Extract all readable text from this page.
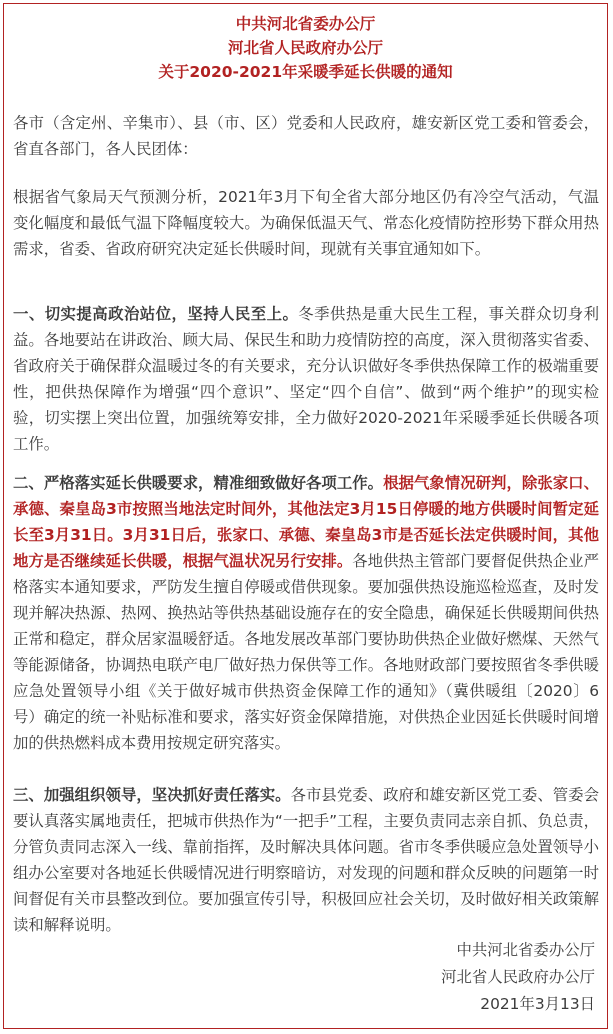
中共河北省委办公厅
河北省人民政府办公厅
关于2020-2021年采暖季延长供暖的通知

各市（含定州、辛集市）、县（市、区）党委和人民政府，雄安新区党工委和管委会，省直各部门，各人民团体：

根据省气象局天气预测分析，2021年3月下旬全省大部分地区仍有冷空气活动，气温变化幅度和最低气温下降幅度较大。为确保低温天气、常态化疫情防控形势下群众用热需求，省委、省政府研究决定延长供暖时间，现就有关事宜通知如下。

一、切实提高政治站位，坚持人民至上。冬季供热是重大民生工程，事关群众切身利益。各地要站在讲政治、顾大局、保民生和助力疫情防控的高度，深入贯彻落实省委、省政府关于确保群众温暖过冬的有关要求，充分认识做好冬季供热保障工作的极端重要性，把供热保障作为增强“四个意识”、坚定“四个自信”、做到“两个维护”的现实检验，切实摆上突出位置，加强统筹安排，全力做好2020-2021年采暖季延长供暖各项工作。

二、严格落实延长供暖要求，精准细致做好各项工作。根据气象情况研判，除张家口、承德、秦皇岛3市按照当地法定时间外，其他法定3月15日停暖的地方供暖时间暂定延长至3月31日。3月31日后，张家口、承德、秦皇岛3市是否延长法定供暖时间，其他地方是否继续延长供暖，根据气温状况另行安排。各地供热主管部门要督促供热企业严格落实本通知要求，严防发生擅自停暖或借供现象。要加强供热设施巡检巡查，及时发现并解决热源、热网、换热站等供热基础设施存在的安全隐患，确保延长供暖期间供热正常和稳定，群众居家温暖舒适。各地发展改革部门要协助供热企业做好燃煤、天然气等能源储备，协调热电联产电厂做好热力保供等工作。各地财政部门要按照省冬季供暖应急处置领导小组《关于做好城市供热资金保障工作的通知》（冀供暖组〔2020〕6号）确定的统一补贴标准和要求，落实好资金保障措施，对供热企业因延长供暖时间增加的供热燃料成本费用按规定研究落实。

三、加强组织领导，坚决抓好责任落实。各市县党委、政府和雄安新区党工委、管委会要认真落实属地责任，把城市供热作为“一把手”工程，主要负责同志亲自抓、负总责，分管负责同志深入一线、靠前指挥，及时解决具体问题。省市冬季供暖应急处置领导小组办公室要对各地延长供暖情况进行明察暗访，对发现的问题和群众反映的问题第一时间督促有关市县整改到位。要加强宣传引导，积极回应社会关切，及时做好相关政策解读和解释说明。

中共河北省委办公厅
河北省人民政府办公厅
2021年3月13日
